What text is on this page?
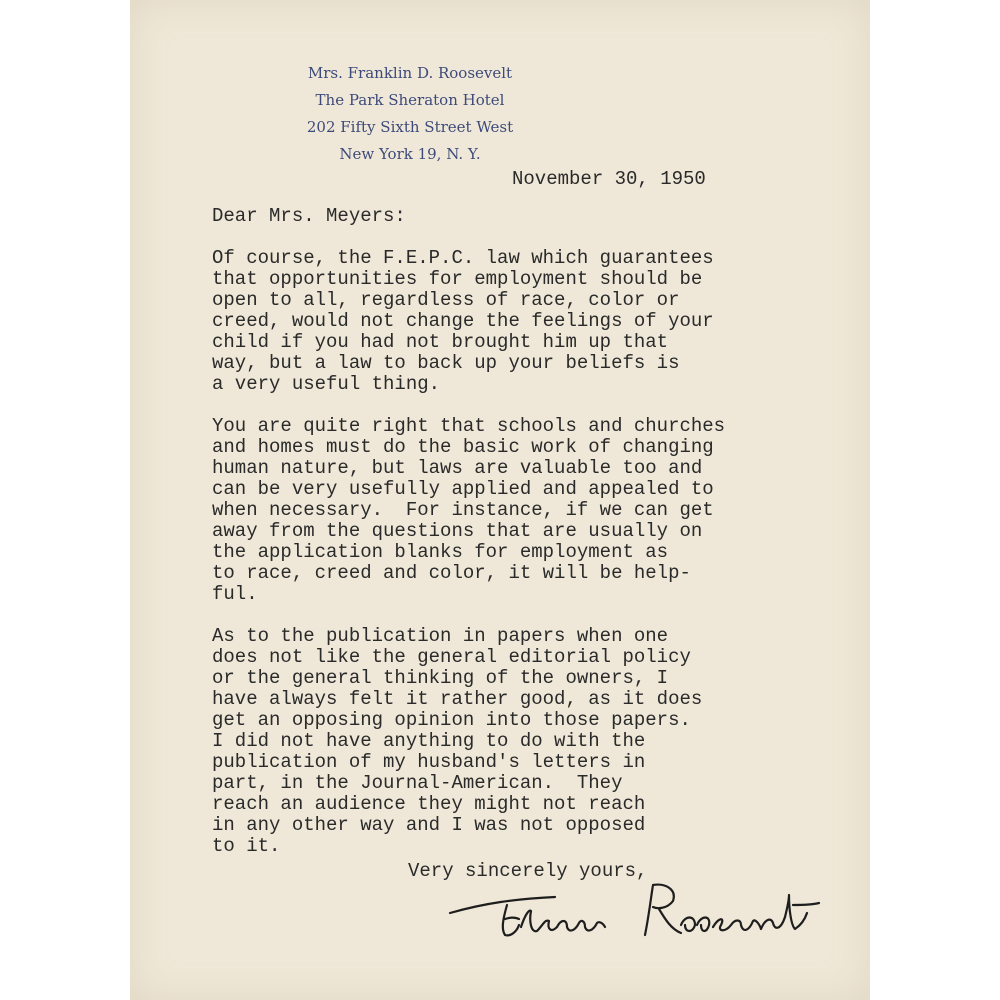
Mrs. Franklin D. Roosevelt
The Park Sheraton Hotel
202 Fifty Sixth Street West
New York 19, N. Y.
November 30, 1950
Dear Mrs. Meyers:
Of course, the F.E.P.C. law which guarantees
that opportunities for employment should be
open to all, regardless of race, color or
creed, would not change the feelings of your
child if you had not brought him up that
way, but a law to back up your beliefs is
a very useful thing.
You are quite right that schools and churches
and homes must do the basic work of changing
human nature, but laws are valuable too and
can be very usefully applied and appealed to
when necessary.  For instance, if we can get
away from the questions that are usually on
the application blanks for employment as
to race, creed and color, it will be help-
ful.
As to the publication in papers when one
does not like the general editorial policy
or the general thinking of the owners, I
have always felt it rather good, as it does
get an opposing opinion into those papers.
I did not have anything to do with the
publication of my husband's letters in
part, in the Journal-American.  They
reach an audience they might not reach
in any other way and I was not opposed
to it.
Very sincerely yours,
